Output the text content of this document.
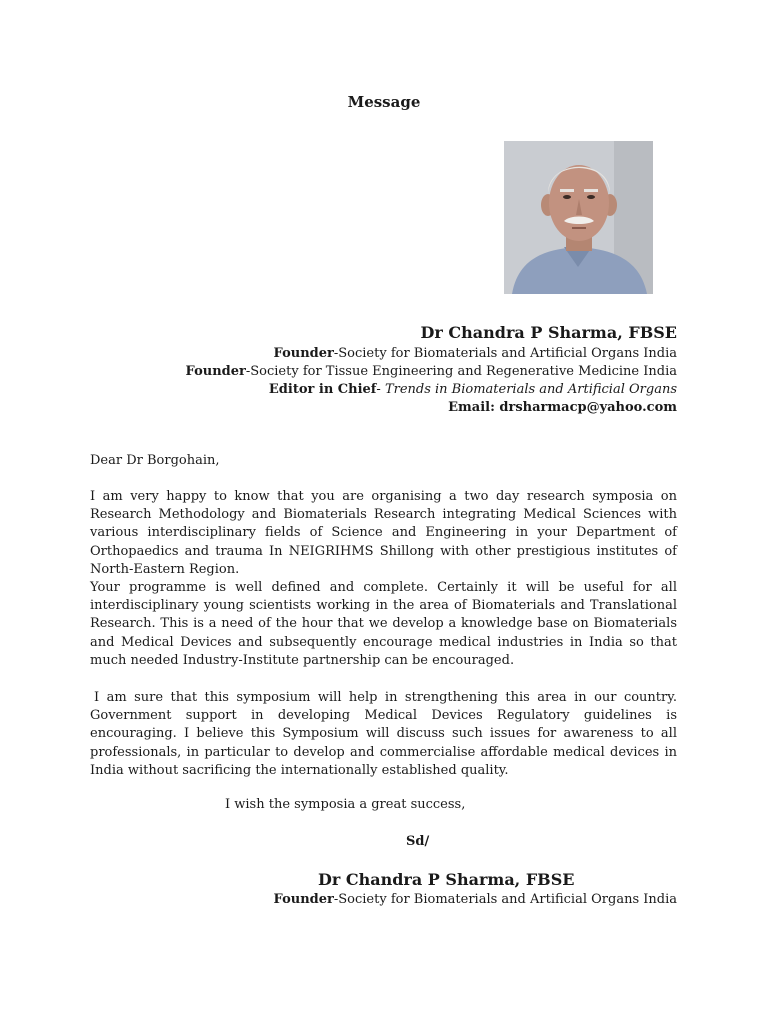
Message
Dr Chandra P Sharma, FBSE
Founder-Society for Biomaterials and Artificial Organs India
Founder-Society for Tissue Engineering and Regenerative Medicine India
Editor in Chief- Trends in Biomaterials and Artificial Organs
Email: drsharmacp@yahoo.com
Dear Dr Borgohain,
I am very happy to know that you are organising a two day research symposia on Research Methodology and Biomaterials Research integrating Medical Sciences with various interdisciplinary fields of Science and Engineering in your Department of Orthopaedics and trauma In NEIGRIHMS Shillong with other prestigious institutes of North-Eastern Region.
Your programme is well defined and complete. Certainly it will be useful for all interdisciplinary young scientists working in the area of Biomaterials and Translational Research. This is a need of the hour that we develop a knowledge base on Biomaterials and Medical Devices and subsequently encourage medical industries in India so that much needed Industry-Institute partnership can be encouraged.
I am sure that this symposium will help in strengthening this area in our country. Government support in developing Medical Devices Regulatory guidelines is encouraging. I believe this Symposium will discuss such issues for awareness to all professionals, in particular to develop and commercialise affordable medical devices in India without sacrificing the internationally established quality.
I wish the symposia a great success,
Sd/
Dr Chandra P Sharma, FBSE
Founder-Society for Biomaterials and Artificial Organs India
